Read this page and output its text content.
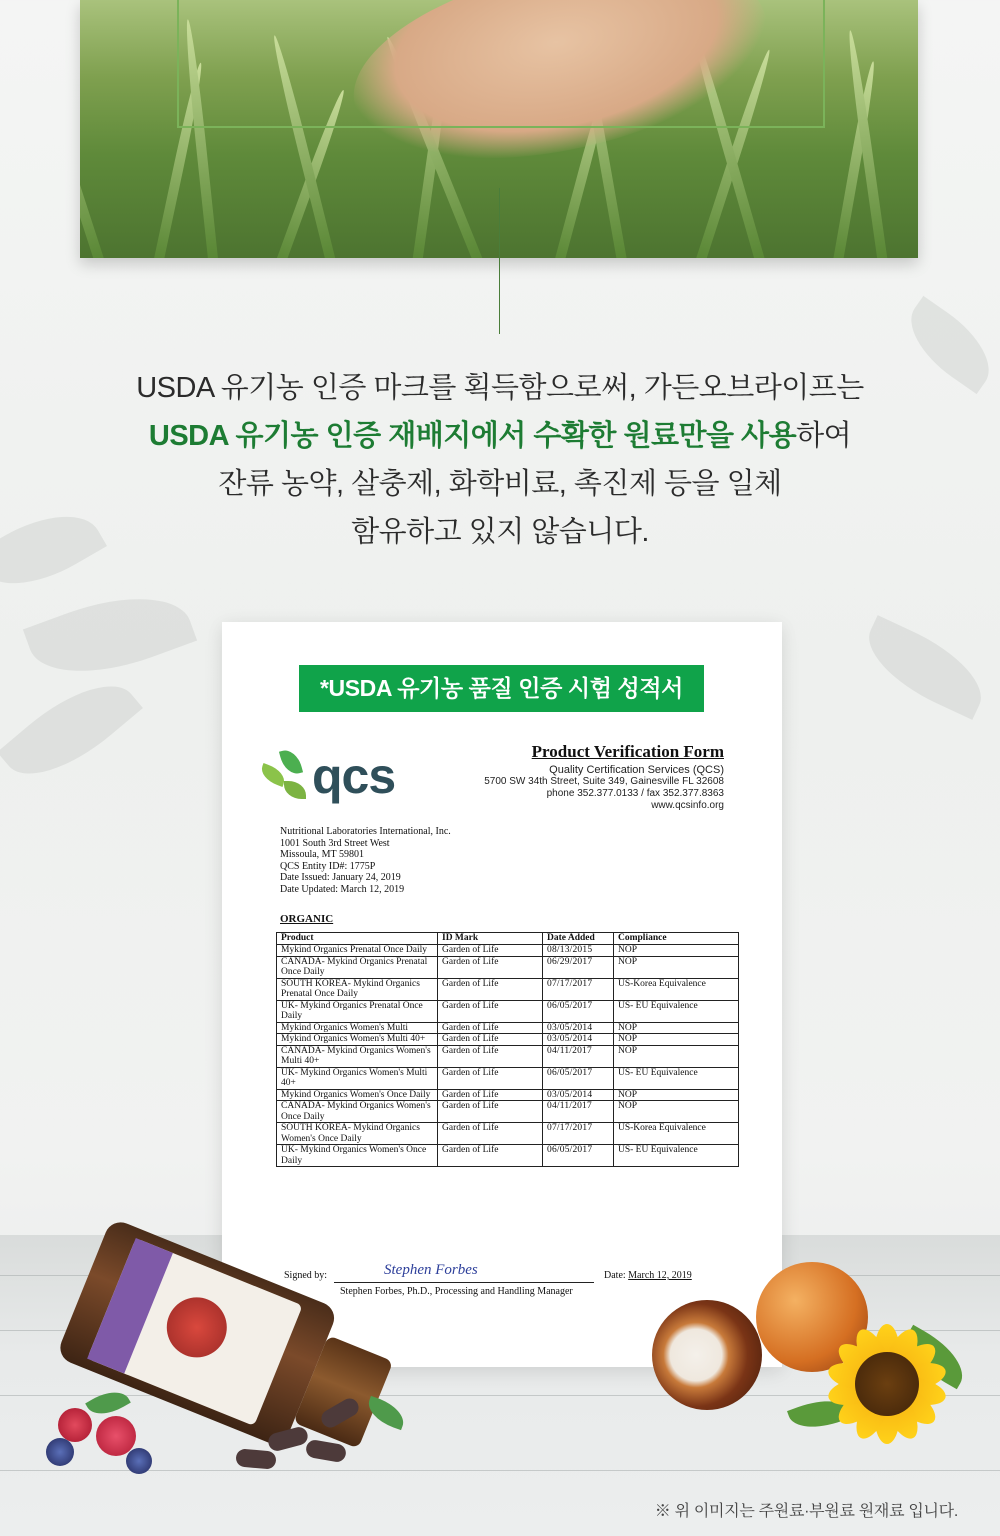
USDA 유기농 인증 마크를 획득함으로써, 가든오브라이프는

USDA 유기농 인증 재배지에서 수확한 원료만을 사용하여

잔류 농약, 살충제, 화학비료, 촉진제 등을 일체

함유하고 있지 않습니다.

*USDA 유기농 품질 인증 시험 성적서
qcs	Product Verification Form
Quality Certification Services (QCS)
5700 SW 34th Street, Suite 349, Gainesville FL 32608
phone 352.377.0133 / fax 352.377.8363
www.qcsinfo.org
Nutritional Laboratories International, Inc.
1001 South 3rd Street West
Missoula, MT 59801
QCS Entity ID#: 1775P
Date Issued: January 24, 2019
Date Updated: March 12, 2019
ORGANIC
Product	ID Mark	Date Added	Compliance
Mykind Organics Prenatal Once Daily	Garden of Life	08/13/2015	NOP
CANADA- Mykind Organics Prenatal Once Daily	Garden of Life	06/29/2017	NOP
SOUTH KOREA- Mykind Organics Prenatal Once Daily	Garden of Life	07/17/2017	US-Korea Equivalence
UK- Mykind Organics Prenatal Once Daily	Garden of Life	06/05/2017	US- EU Equivalence
Mykind Organics Women's Multi	Garden of Life	03/05/2014	NOP
Mykind Organics Women's Multi 40+	Garden of Life	03/05/2014	NOP
CANADA- Mykind Organics Women's Multi 40+	Garden of Life	04/11/2017	NOP
UK- Mykind Organics Women's Multi 40+	Garden of Life	06/05/2017	US- EU Equivalence
Mykind Organics Women's Once Daily	Garden of Life	03/05/2014	NOP
CANADA- Mykind Organics Women's Once Daily	Garden of Life	04/11/2017	NOP
SOUTH KOREA- Mykind Organics Women's Once Daily	Garden of Life	07/17/2017	US-Korea Equivalence
UK- Mykind Organics Women's Once Daily	Garden of Life	06/05/2017	US- EU Equivalence
Signed by:	Stephen Forbes	Date: March 12, 2019
Stephen Forbes, Ph.D., Processing and Handling Manager
※ 위 이미지는 주원료·부원료 원재료 입니다.
